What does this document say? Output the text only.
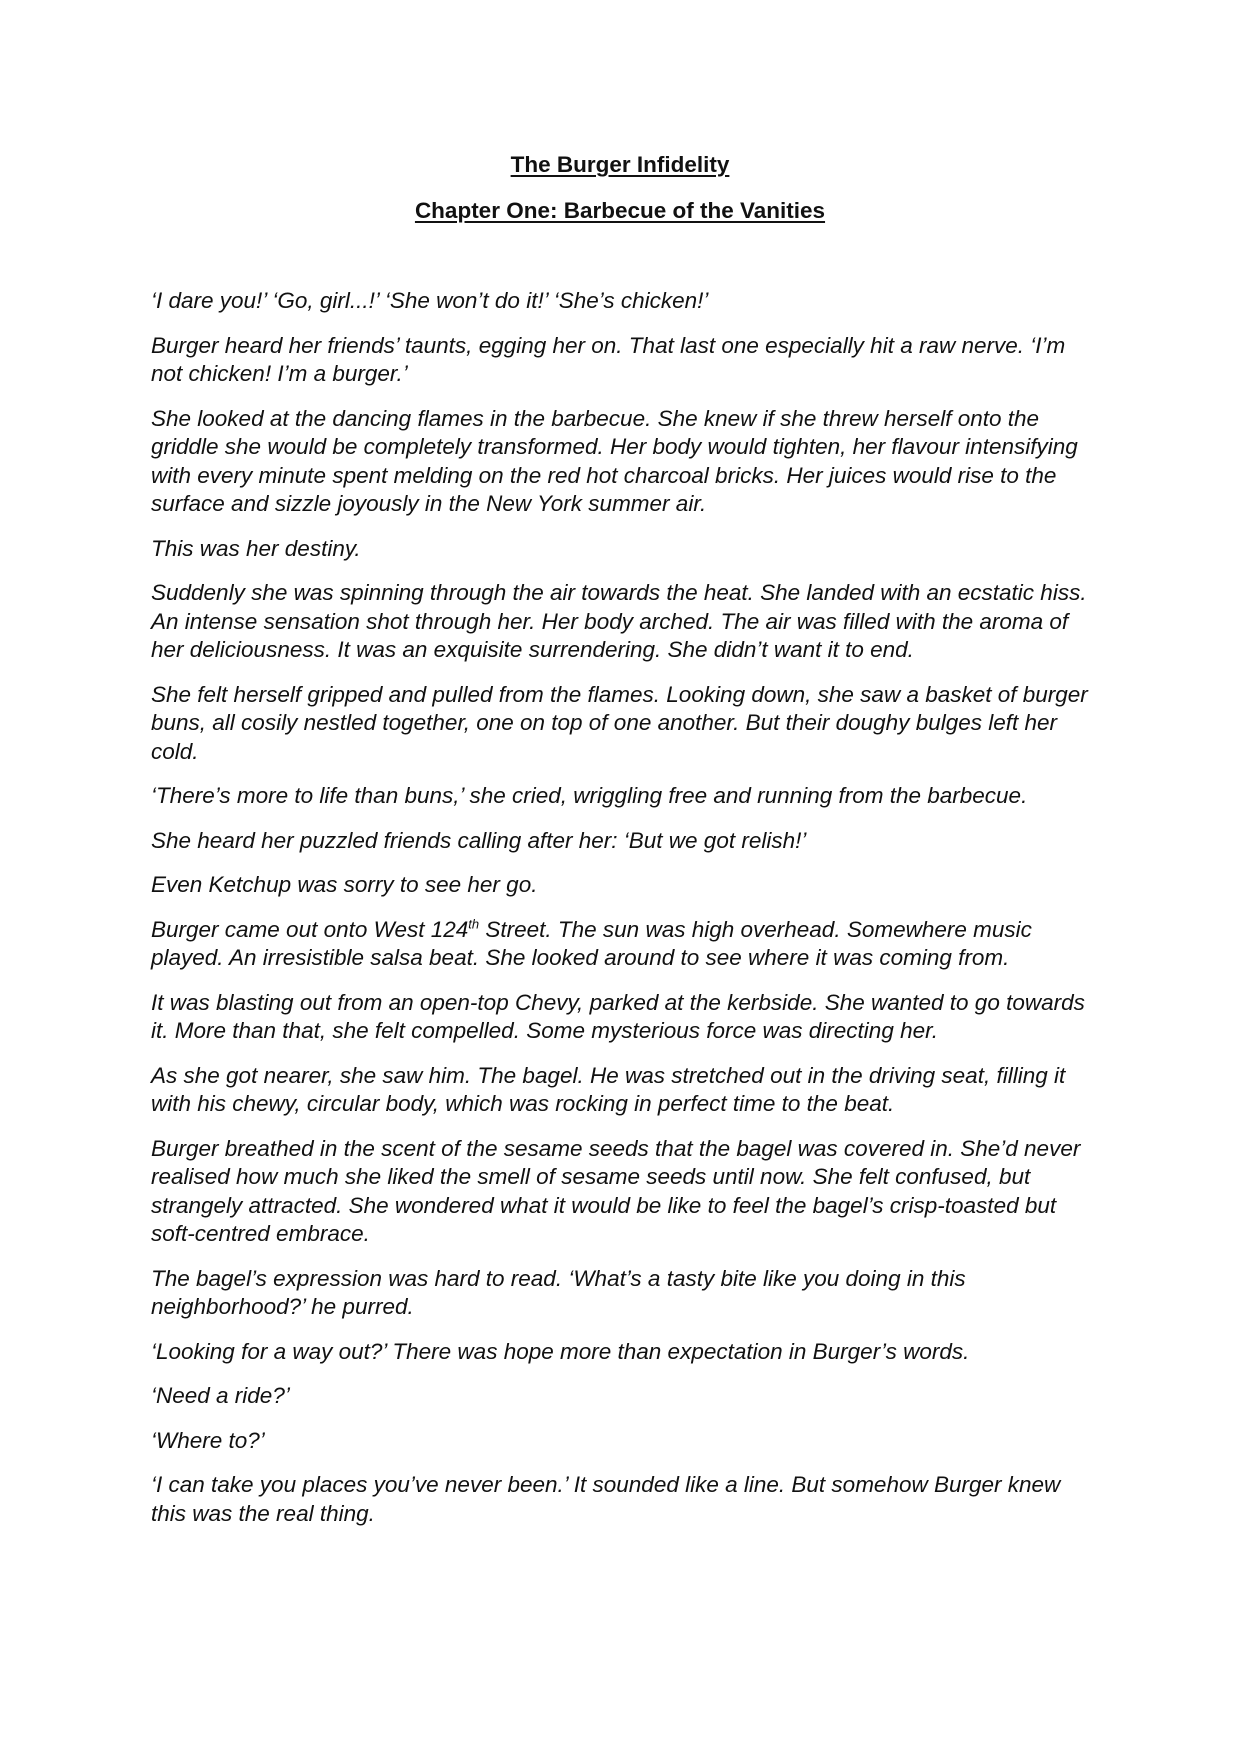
The Burger Infidelity
Chapter One: Barbecue of the Vanities

‘I dare you!’ ‘Go, girl...!’ ‘She won’t do it!’ ‘She’s chicken!’

Burger heard her friends’ taunts, egging her on. That last one especially hit a raw nerve. ‘I’m not chicken! I’m a burger.’

She looked at the dancing flames in the barbecue. She knew if she threw herself onto the griddle she would be completely transformed. Her body would tighten, her flavour intensifying with every minute spent melding on the red hot charcoal bricks. Her juices would rise to the surface and sizzle joyously in the New York summer air.

This was her destiny.

Suddenly she was spinning through the air towards the heat. She landed with an ecstatic hiss. An intense sensation shot through her. Her body arched. The air was filled with the aroma of her deliciousness. It was an exquisite surrendering. She didn’t want it to end.

She felt herself gripped and pulled from the flames. Looking down, she saw a basket of burger buns, all cosily nestled together, one on top of one another. But their doughy bulges left her cold.

‘There’s more to life than buns,’ she cried, wriggling free and running from the barbecue.

She heard her puzzled friends calling after her: ‘But we got relish!’

Even Ketchup was sorry to see her go.

Burger came out onto West 124th Street. The sun was high overhead. Somewhere music played. An irresistible salsa beat. She looked around to see where it was coming from.

It was blasting out from an open-top Chevy, parked at the kerbside. She wanted to go towards it. More than that, she felt compelled. Some mysterious force was directing her.

As she got nearer, she saw him. The bagel. He was stretched out in the driving seat, filling it with his chewy, circular body, which was rocking in perfect time to the beat.

Burger breathed in the scent of the sesame seeds that the bagel was covered in. She’d never realised how much she liked the smell of sesame seeds until now. She felt confused, but strangely attracted. She wondered what it would be like to feel the bagel’s crisp-toasted but soft-centred embrace.

The bagel’s expression was hard to read. ‘What’s a tasty bite like you doing in this neighborhood?’ he purred.

‘Looking for a way out?’ There was hope more than expectation in Burger’s words.

‘Need a ride?’

‘Where to?’

‘I can take you places you’ve never been.’ It sounded like a line. But somehow Burger knew this was the real thing.
